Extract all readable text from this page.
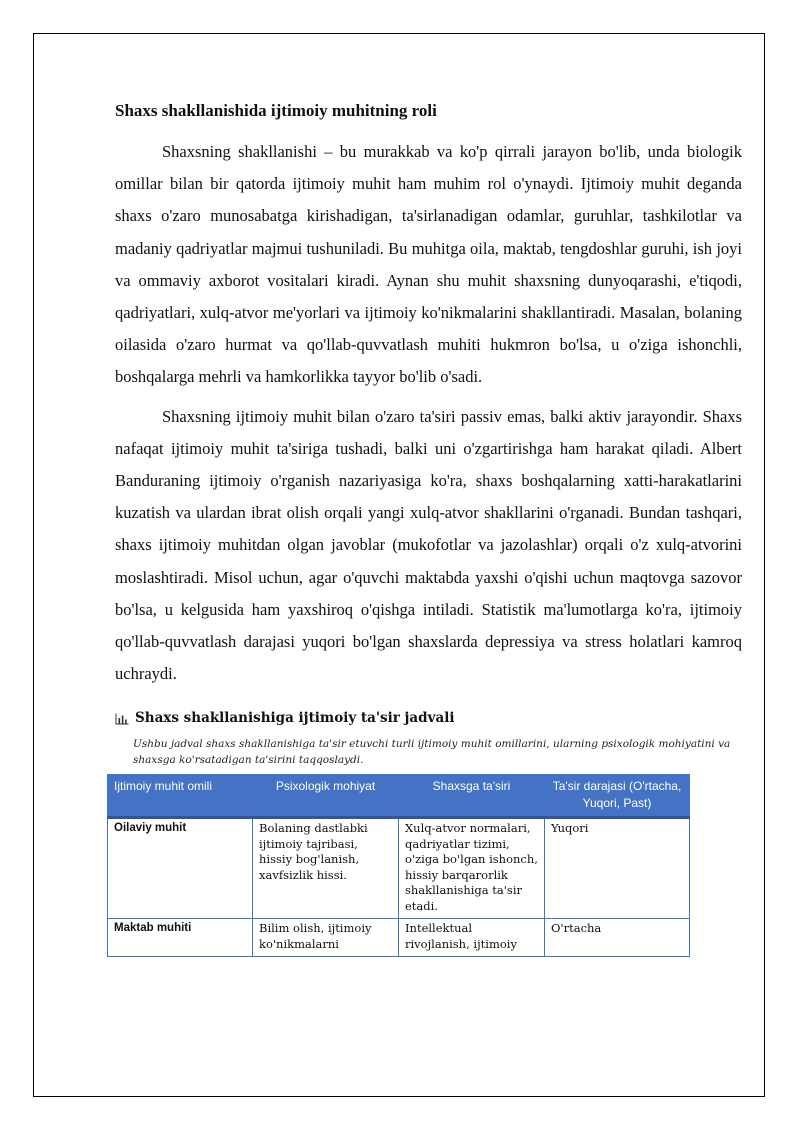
Shaxs shakllanishida ijtimoiy muhitning roli

Shaxsning shakllanishi – bu murakkab va ko'p qirrali jarayon bo'lib, unda biologik omillar bilan bir qatorda ijtimoiy muhit ham muhim rol o'ynaydi. Ijtimoiy muhit deganda shaxs o'zaro munosabatga kirishadigan, ta'sirlanadigan odamlar, guruhlar, tashkilotlar va madaniy qadriyatlar majmui tushuniladi. Bu muhitga oila, maktab, tengdoshlar guruhi, ish joyi va ommaviy axborot vositalari kiradi. Aynan shu muhit shaxsning dunyoqarashi, e'tiqodi, qadriyatlari, xulq-atvor me'yorlari va ijtimoiy ko'nikmalarini shakllantiradi. Masalan, bolaning oilasida o'zaro hurmat va qo'llab-quvvatlash muhiti hukmron bo'lsa, u o'ziga ishonchli, boshqalarga mehrli va hamkorlikka tayyor bo'lib o'sadi.

Shaxsning ijtimoiy muhit bilan o'zaro ta'siri passiv emas, balki aktiv jarayondir. Shaxs nafaqat ijtimoiy muhit ta'siriga tushadi, balki uni o'zgartirishga ham harakat qiladi. Albert Banduraning ijtimoiy o'rganish nazariyasiga ko'ra, shaxs boshqalarning xatti-harakatlarini kuzatish va ulardan ibrat olish orqali yangi xulq-atvor shakllarini o'rganadi. Bundan tashqari, shaxs ijtimoiy muhitdan olgan javoblar (mukofotlar va jazolashlar) orqali o'z xulq-atvorini moslashtiradi. Misol uchun, agar o'quvchi maktabda yaxshi o'qishi uchun maqtovga sazovor bo'lsa, u kelgusida ham yaxshiroq o'qishga intiladi. Statistik ma'lumotlarga ko'ra, ijtimoiy qo'llab-quvvatlash darajasi yuqori bo'lgan shaxslarda depressiya va stress holatlari kamroq uchraydi.

Shaxs shakllanishiga ijtimoiy ta'sir jadvali
Ushbu jadval shaxs shakllanishiga ta'sir etuvchi turli ijtimoiy muhit omillarini, ularning psixologik mohiyatini va shaxsga ko'rsatadigan ta'sirini taqqoslaydi.
Ijtimoiy muhit omili	Psixologik mohiyat	Shaxsga ta'siri	Ta'sir darajasi (O'rtacha, Yuqori, Past)
Oilaviy muhit	Bolaning dastlabki ijtimoiy tajribasi, hissiy bog'lanish, xavfsizlik hissi.	Xulq-atvor normalari, qadriyatlar tizimi, o'ziga bo'lgan ishonch, hissiy barqarorlik shakllanishiga ta'sir etadi.	Yuqori
Maktab muhiti	Bilim olish, ijtimoiy ko'nikmalarni	Intellektual rivojlanish, ijtimoiy	O'rtacha
